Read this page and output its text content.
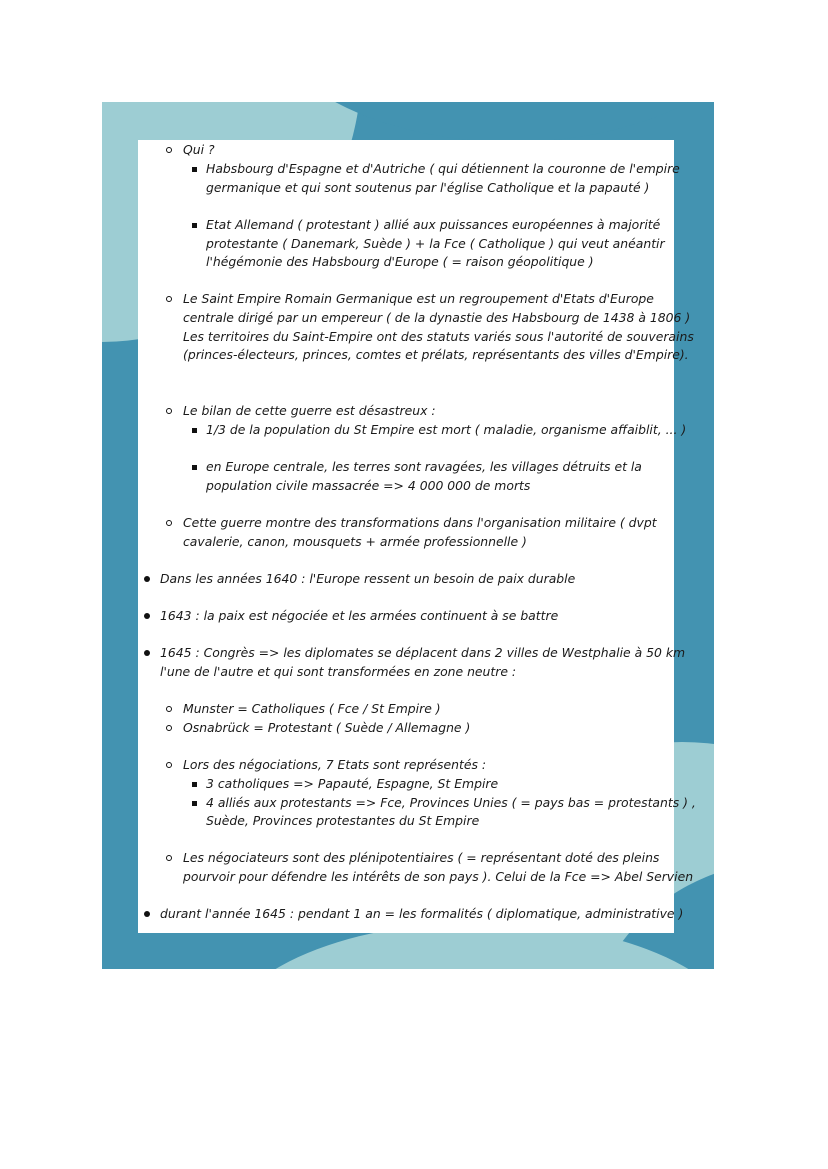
Qui ?
Habsbourg d'Espagne et d'Autriche ( qui détiennent la couronne de l'empire
germanique et qui sont soutenus par l'église Catholique et la papauté )
Etat Allemand ( protestant ) allié aux puissances européennes à majorité
protestante ( Danemark, Suède ) + la Fce ( Catholique ) qui veut anéantir
l'hégémonie des Habsbourg d'Europe ( = raison géopolitique )
Le Saint Empire Romain Germanique est un regroupement d'Etats d'Europe
centrale dirigé par un empereur ( de la dynastie des Habsbourg de 1438 à 1806 )
Les territoires du Saint-Empire ont des statuts variés sous l'autorité de souverains
(princes-électeurs, princes, comtes et prélats, représentants des villes d'Empire).
Le bilan de cette guerre est désastreux :
1/3 de la population du St Empire est mort ( maladie, organisme affaiblit, ... )
en Europe centrale, les terres sont ravagées, les villages détruits et la
population civile massacrée => 4 000 000 de morts
Cette guerre montre des transformations dans l'organisation militaire ( dvpt
cavalerie, canon, mousquets + armée professionnelle )
Dans les années 1640 : l'Europe ressent un besoin de paix durable
1643 : la paix est négociée et les armées continuent à se battre
1645 : Congrès => les diplomates se déplacent dans 2 villes de Westphalie à 50 km
l'une de l'autre et qui sont transformées en zone neutre :
Munster = Catholiques ( Fce / St Empire )
Osnabrück = Protestant ( Suède / Allemagne )
Lors des négociations, 7 Etats sont représentés :
3 catholiques => Papauté, Espagne, St Empire
4 alliés aux protestants => Fce, Provinces Unies ( = pays bas = protestants ) ,
Suède, Provinces protestantes du St Empire
Les négociateurs sont des plénipotentiaires ( = représentant doté des pleins
pourvoir pour défendre les intérêts de son pays ). Celui de la Fce => Abel Servien
durant l'année 1645 : pendant 1 an = les formalités ( diplomatique, administrative )
